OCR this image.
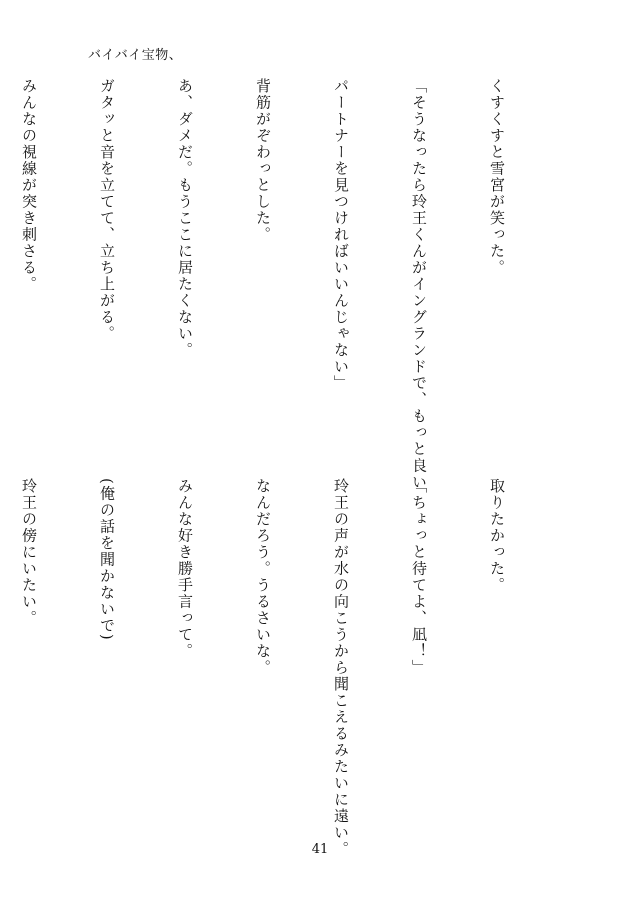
バイバイ宝物、

くすくすと雪宮が笑った。

「そうなったら玲王くんがイングランドで、もっと良い

パートナーを見つければいいんじゃない」

背筋がぞわっとした。

あ、ダメだ。もうここに居たくない。

ガタッと音を立てて、立ち上がる。

みんなの視線が突き刺さる。

取りたかった。

「ちょっと待てよ、凪！」

玲王の声が水の向こうから聞こえるみたいに遠い。

なんだろう。うるさいな。

みんな好き勝手言って。

(俺の話を聞かないで)

玲王の傍にいたい。

41
